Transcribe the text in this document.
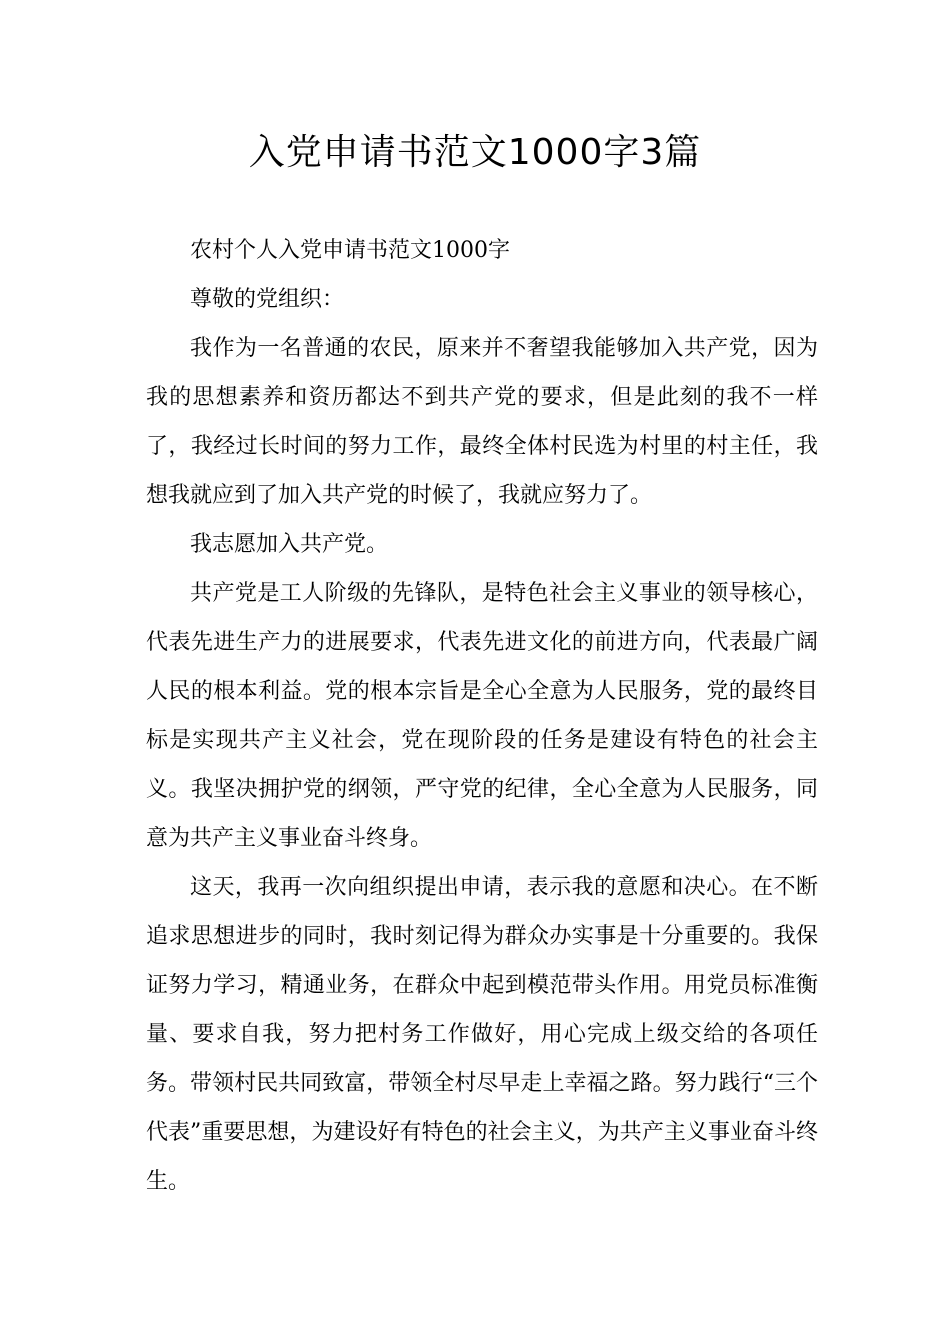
入党申请书范文1000字3篇

农村个人入党申请书范文1000字

尊敬的党组织：

我作为一名普通的农民，原来并不奢望我能够加入共产党，因为我的思想素养和资历都达不到共产党的要求，但是此刻的我不一样了，我经过长时间的努力工作，最终全体村民选为村里的村主任，我想我就应到了加入共产党的时候了，我就应努力了。

我志愿加入共产党。

共产党是工人阶级的先锋队，是特色社会主义事业的领导核心，代表先进生产力的进展要求，代表先进文化的前进方向，代表最广阔人民的根本利益。党的根本宗旨是全心全意为人民服务，党的最终目标是实现共产主义社会，党在现阶段的任务是建设有特色的社会主义。我坚决拥护党的纲领，严守党的纪律，全心全意为人民服务，同意为共产主义事业奋斗终身。

这天，我再一次向组织提出申请，表示我的意愿和决心。在不断追求思想进步的同时，我时刻记得为群众办实事是十分重要的。我保证努力学习，精通业务，在群众中起到模范带头作用。用党员标准衡量、要求自我，努力把村务工作做好，用心完成上级交给的各项任务。带领村民共同致富，带领全村尽早走上幸福之路。努力践行“三个代表”重要思想，为建设好有特色的社会主义，为共产主义事业奋斗终生。
